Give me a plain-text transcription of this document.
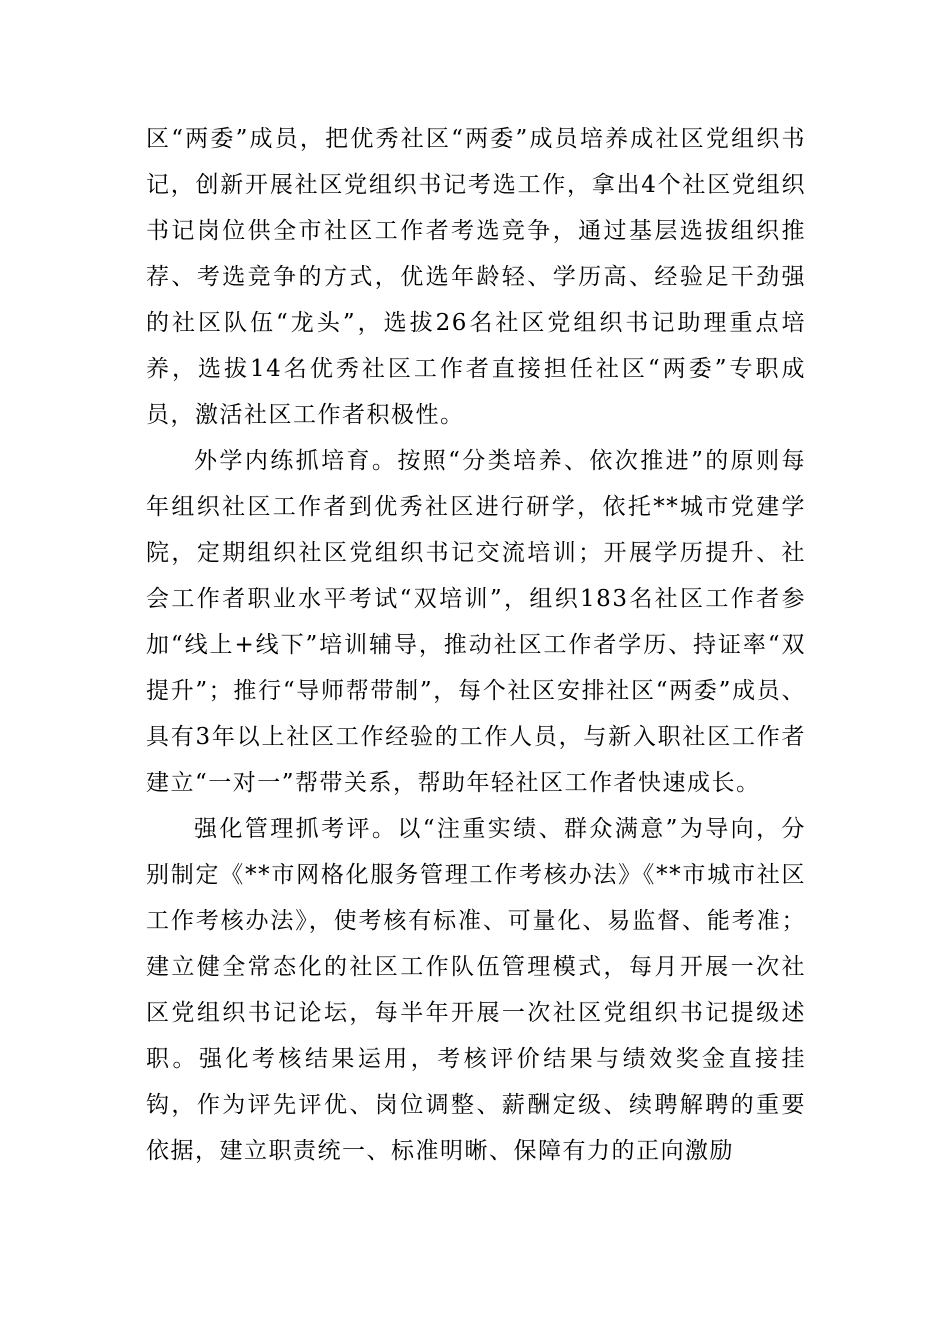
区“两委”成员，把优秀社区“两委”成员培养成社区党组织书记，创新开展社区党组织书记考选工作，拿出4个社区党组织书记岗位供全市社区工作者考选竞争，通过基层选拔组织推荐、考选竞争的方式，优选年龄轻、学历高、经验足干劲强的社区队伍“龙头”，选拔26名社区党组织书记助理重点培养，选拔14名优秀社区工作者直接担任社区“两委”专职成员，激活社区工作者积极性。

外学内练抓培育。按照“分类培养、依次推进”的原则每年组织社区工作者到优秀社区进行研学，依托**城市党建学院，定期组织社区党组织书记交流培训；开展学历提升、社会工作者职业水平考试“双培训”，组织183名社区工作者参加“线上+线下”培训辅导，推动社区工作者学历、持证率“双提升”；推行“导师帮带制”，每个社区安排社区“两委”成员、具有3年以上社区工作经验的工作人员，与新入职社区工作者建立“一对一”帮带关系，帮助年轻社区工作者快速成长。

强化管理抓考评。以“注重实绩、群众满意”为导向，分别制定《**市网格化服务管理工作考核办法》《**市城市社区工作考核办法》，使考核有标准、可量化、易监督、能考准；建立健全常态化的社区工作队伍管理模式，每月开展一次社区党组织书记论坛，每半年开展一次社区党组织书记提级述职。强化考核结果运用，考核评价结果与绩效奖金直接挂钩，作为评先评优、岗位调整、薪酬定级、续聘解聘的重要依据，建立职责统一、标准明晰、保障有力的正向激励
